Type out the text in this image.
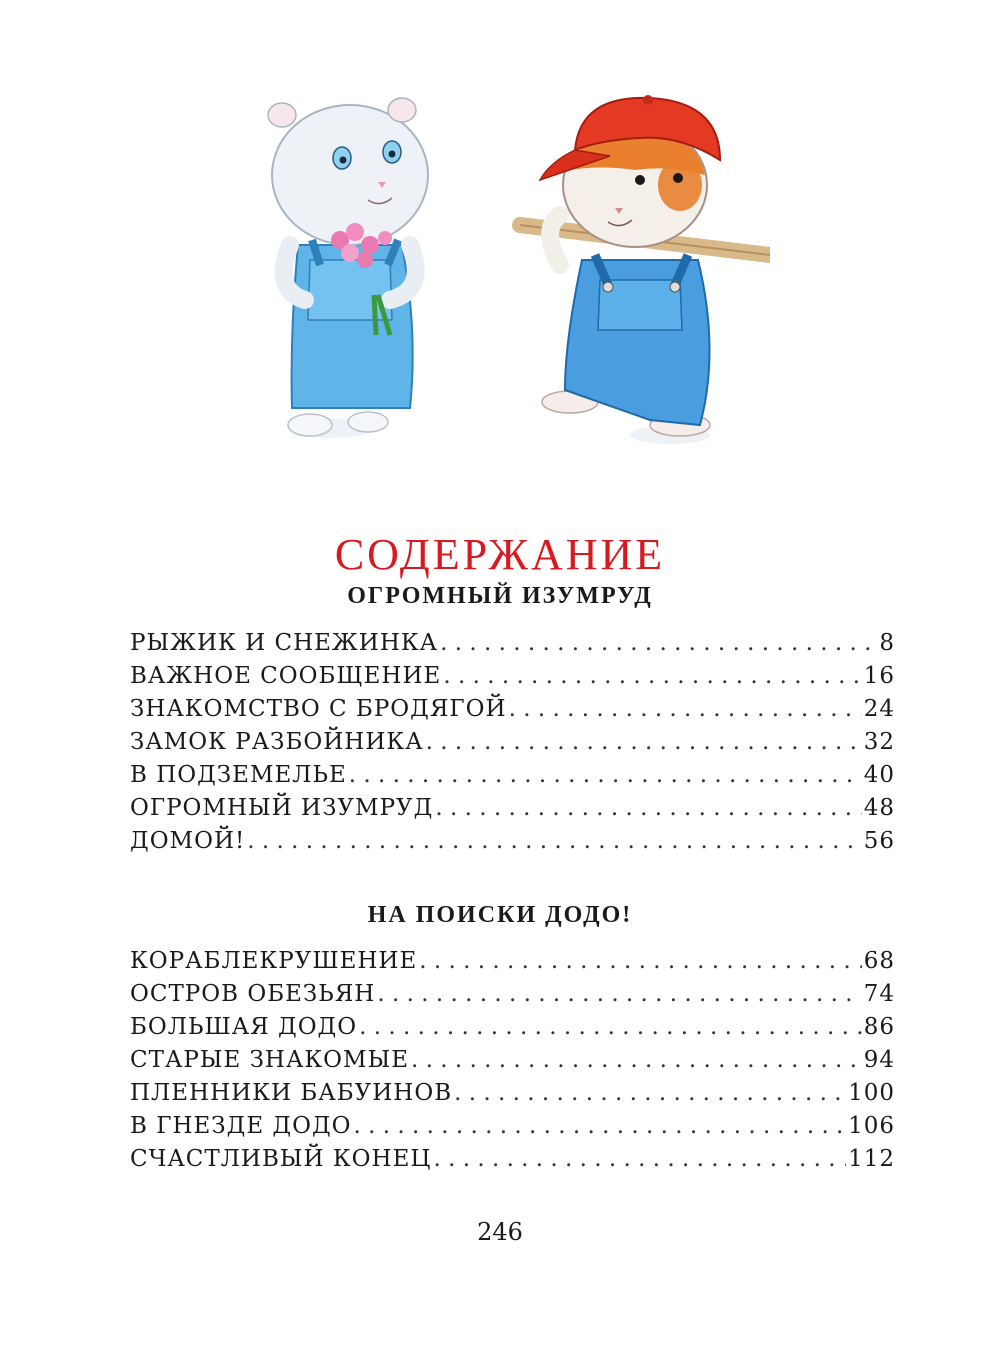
СОДЕРЖАНИЕ
ОГРОМНЫЙ ИЗУМРУД
РЫЖИК И СНЕЖИНКА . . .	8
ВАЖНОЕ СООБЩЕНИЕ . . .	16
ЗНАКОМСТВО С БРОДЯГОЙ . . .	24
ЗАМОК РАЗБОЙНИКА . . .	32
В ПОДЗЕМЕЛЬЕ . . .	40
ОГРОМНЫЙ ИЗУМРУД . . .	48
ДОМОЙ! . . .	56
НА ПОИСКИ ДОДО!
КОРАБЛЕКРУШЕНИЕ . . .	68
ОСТРОВ ОБЕЗЬЯН . . .	74
БОЛЬШАЯ ДОДО . . .	86
СТАРЫЕ ЗНАКОМЫЕ . . .	94
ПЛЕННИКИ БАБУИНОВ . . .	100
В ГНЕЗДЕ ДОДО . . .	106
СЧАСТЛИВЫЙ КОНЕЦ . . .	112
246
